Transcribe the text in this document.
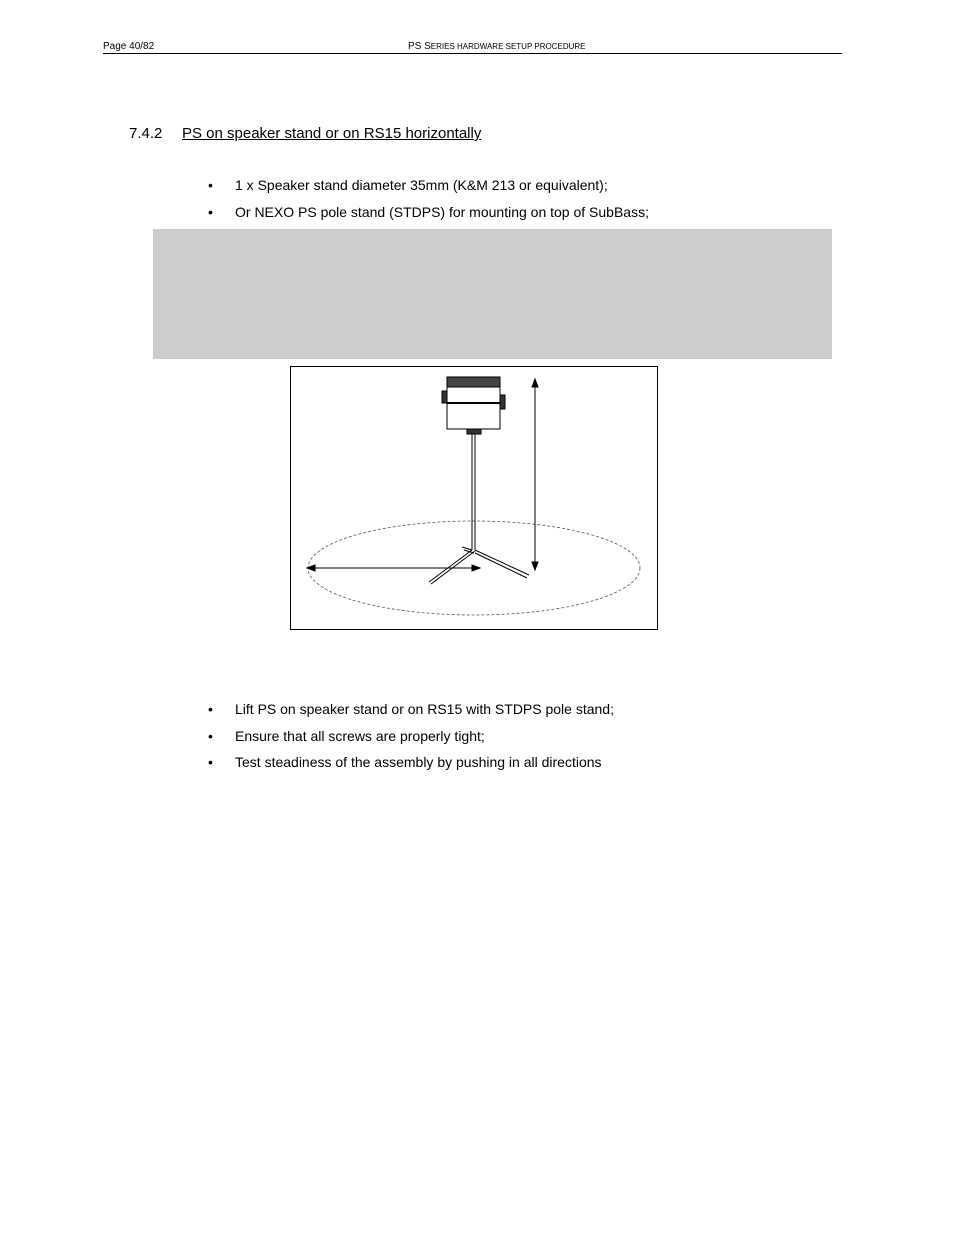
Page 40/82	PS SERIES HARDWARE SETUP PROCEDURE
7.4.2 PS on speaker stand or on RS15 horizontally
• 1 x Speaker stand diameter 35mm (K&M 213 or equivalent);
• Or NEXO PS pole stand (STDPS) for mounting on top of SubBass;
• Lift PS on speaker stand or on RS15 with STDPS pole stand;
• Ensure that all screws are properly tight;
• Test steadiness of the assembly by pushing in all directions
